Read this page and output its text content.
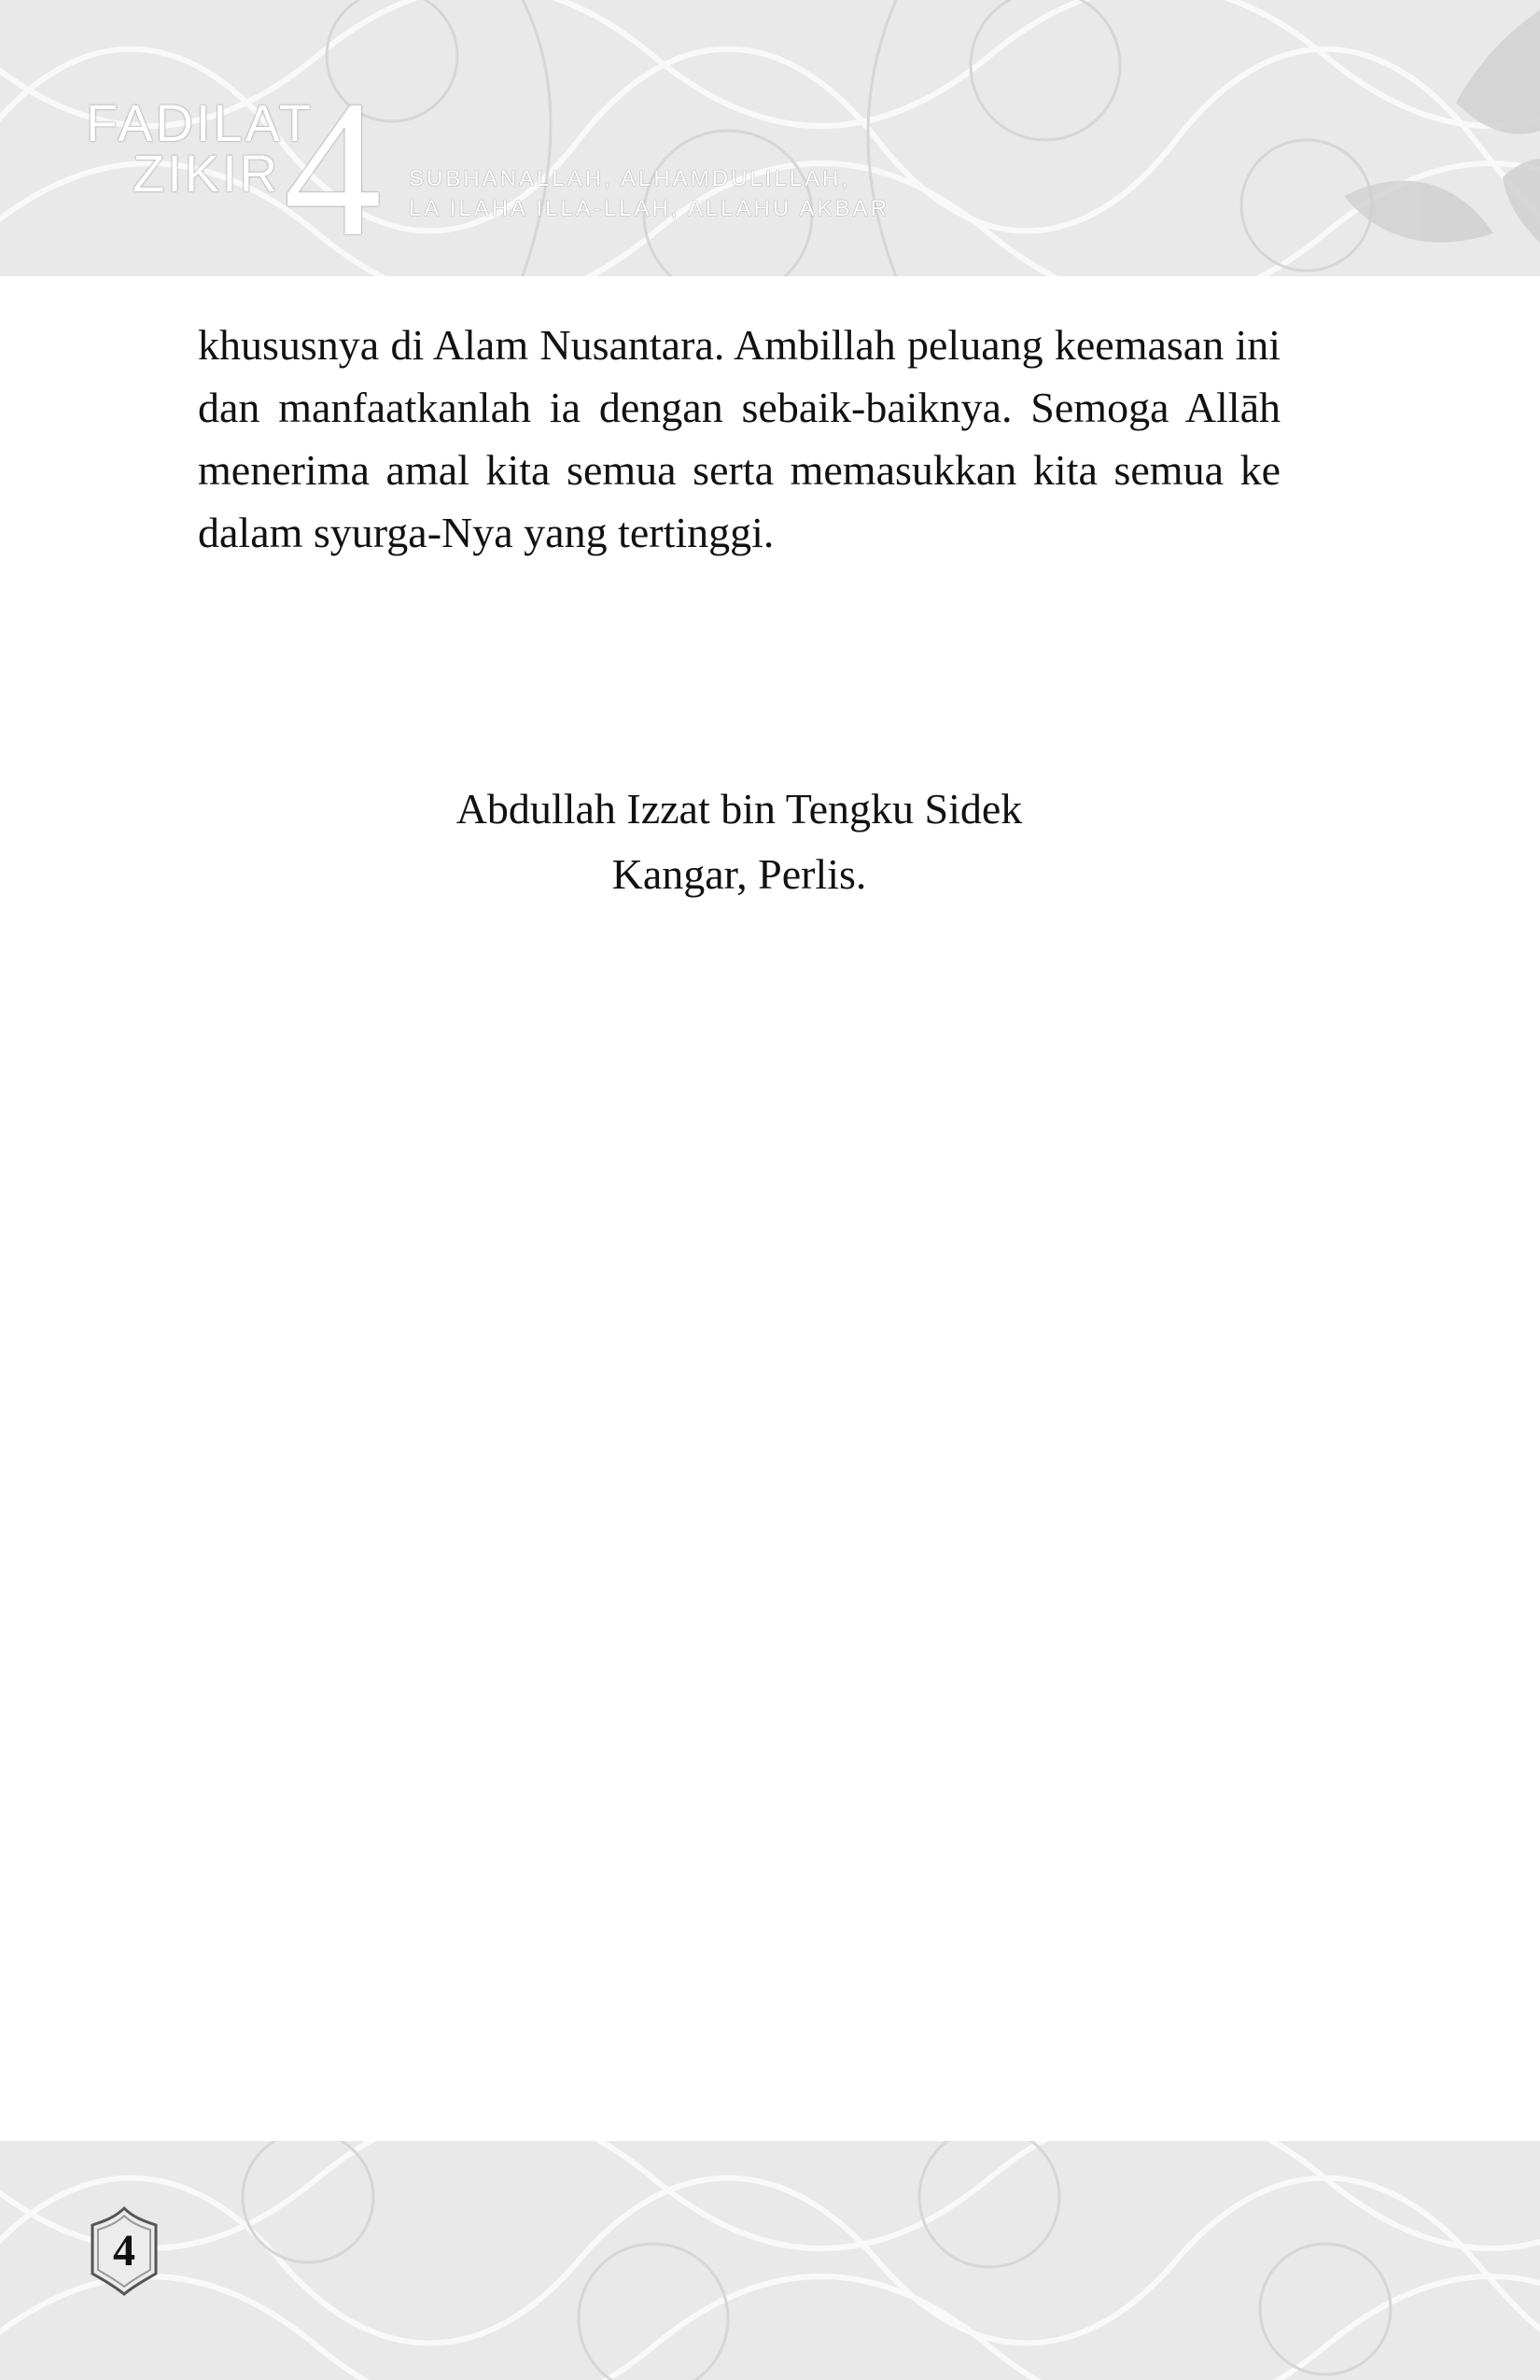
FADILAT
ZIKIR 4 SUBHANALLAH, ALHAMDULILLAH,
LA ILAHA ILLA-LLAH, ALLAHU AKBAR

khususnya di Alam Nusantara. Ambillah peluang keemasan ini dan manfaatkanlah ia dengan sebaik-baiknya. Semoga Allāh menerima amal kita semua serta memasukkan kita semua ke dalam syurga-Nya yang tertinggi.

Abdullah Izzat bin Tengku Sidek
Kangar, Perlis.
4
